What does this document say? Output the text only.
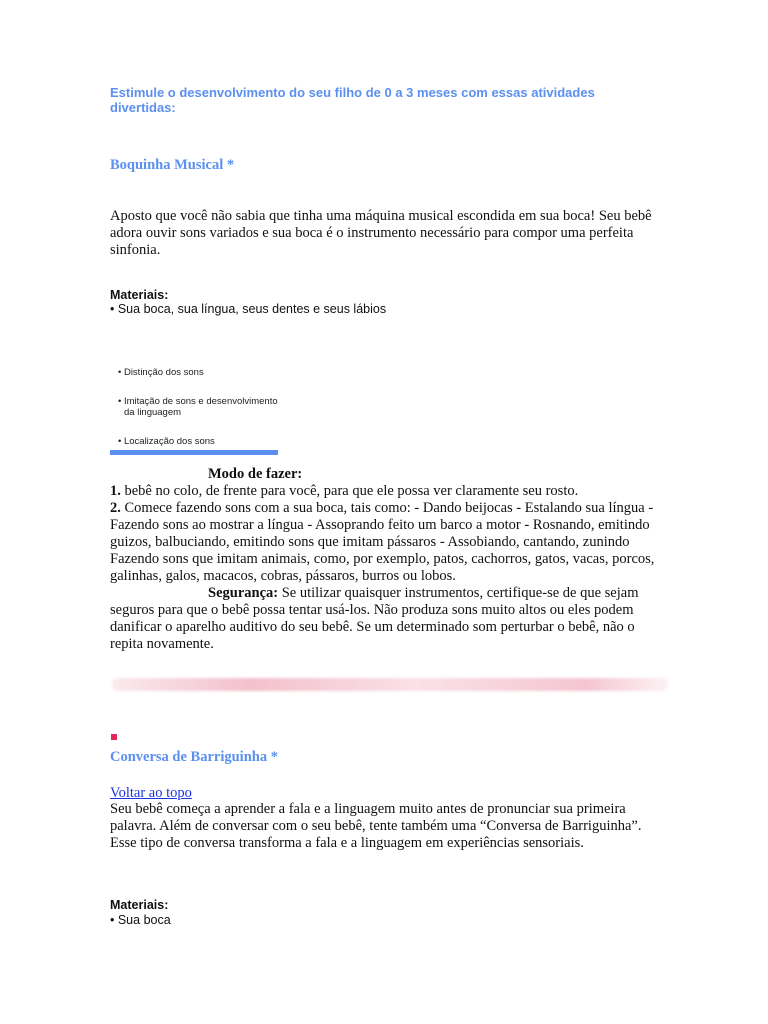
Estimule o desenvolvimento do seu filho de 0 a 3 meses com essas atividades divertidas:
Boquinha Musical *
Aposto que você não sabia que tinha uma máquina musical escondida em sua boca! Seu bebê adora ouvir sons variados e sua boca é o instrumento necessário para compor uma perfeita sinfonia.
Materiais:
• Sua boca, sua língua, seus dentes e seus lábios
• Distinção dos sons
• Imitação de sons e desenvolvimento
da linguagem
• Localização dos sons

Modo de fazer:

1. bebê no colo, de frente para você, para que ele possa ver claramente seu rosto.

2. Comece fazendo sons com a sua boca, tais como: - Dando beijocas - Estalando sua língua - Fazendo sons ao mostrar a língua - Assoprando feito um barco a motor - Rosnando, emitindo guizos, balbuciando, emitindo sons que imitam pássaros - Assobiando, cantando, zunindo Fazendo sons que imitam animais, como, por exemplo, patos, cachorros, gatos, vacas, porcos, galinhas, galos, macacos, cobras, pássaros, burros ou lobos.

Segurança: Se utilizar quaisquer instrumentos, certifique-se de que sejam seguros para que o bebê possa tentar usá-los. Não produza sons muito altos ou eles podem danificar o aparelho auditivo do seu bebê. Se um determinado som perturbar o bebê, não o repita novamente.

Conversa de Barriguinha *
Voltar ao topo
Seu bebê começa a aprender a fala e a linguagem muito antes de pronunciar sua primeira palavra. Além de conversar com o seu bebê, tente também uma “Conversa de Barriguinha”. Esse tipo de conversa transforma a fala e a linguagem em experiências sensoriais.
Materiais:
• Sua boca
